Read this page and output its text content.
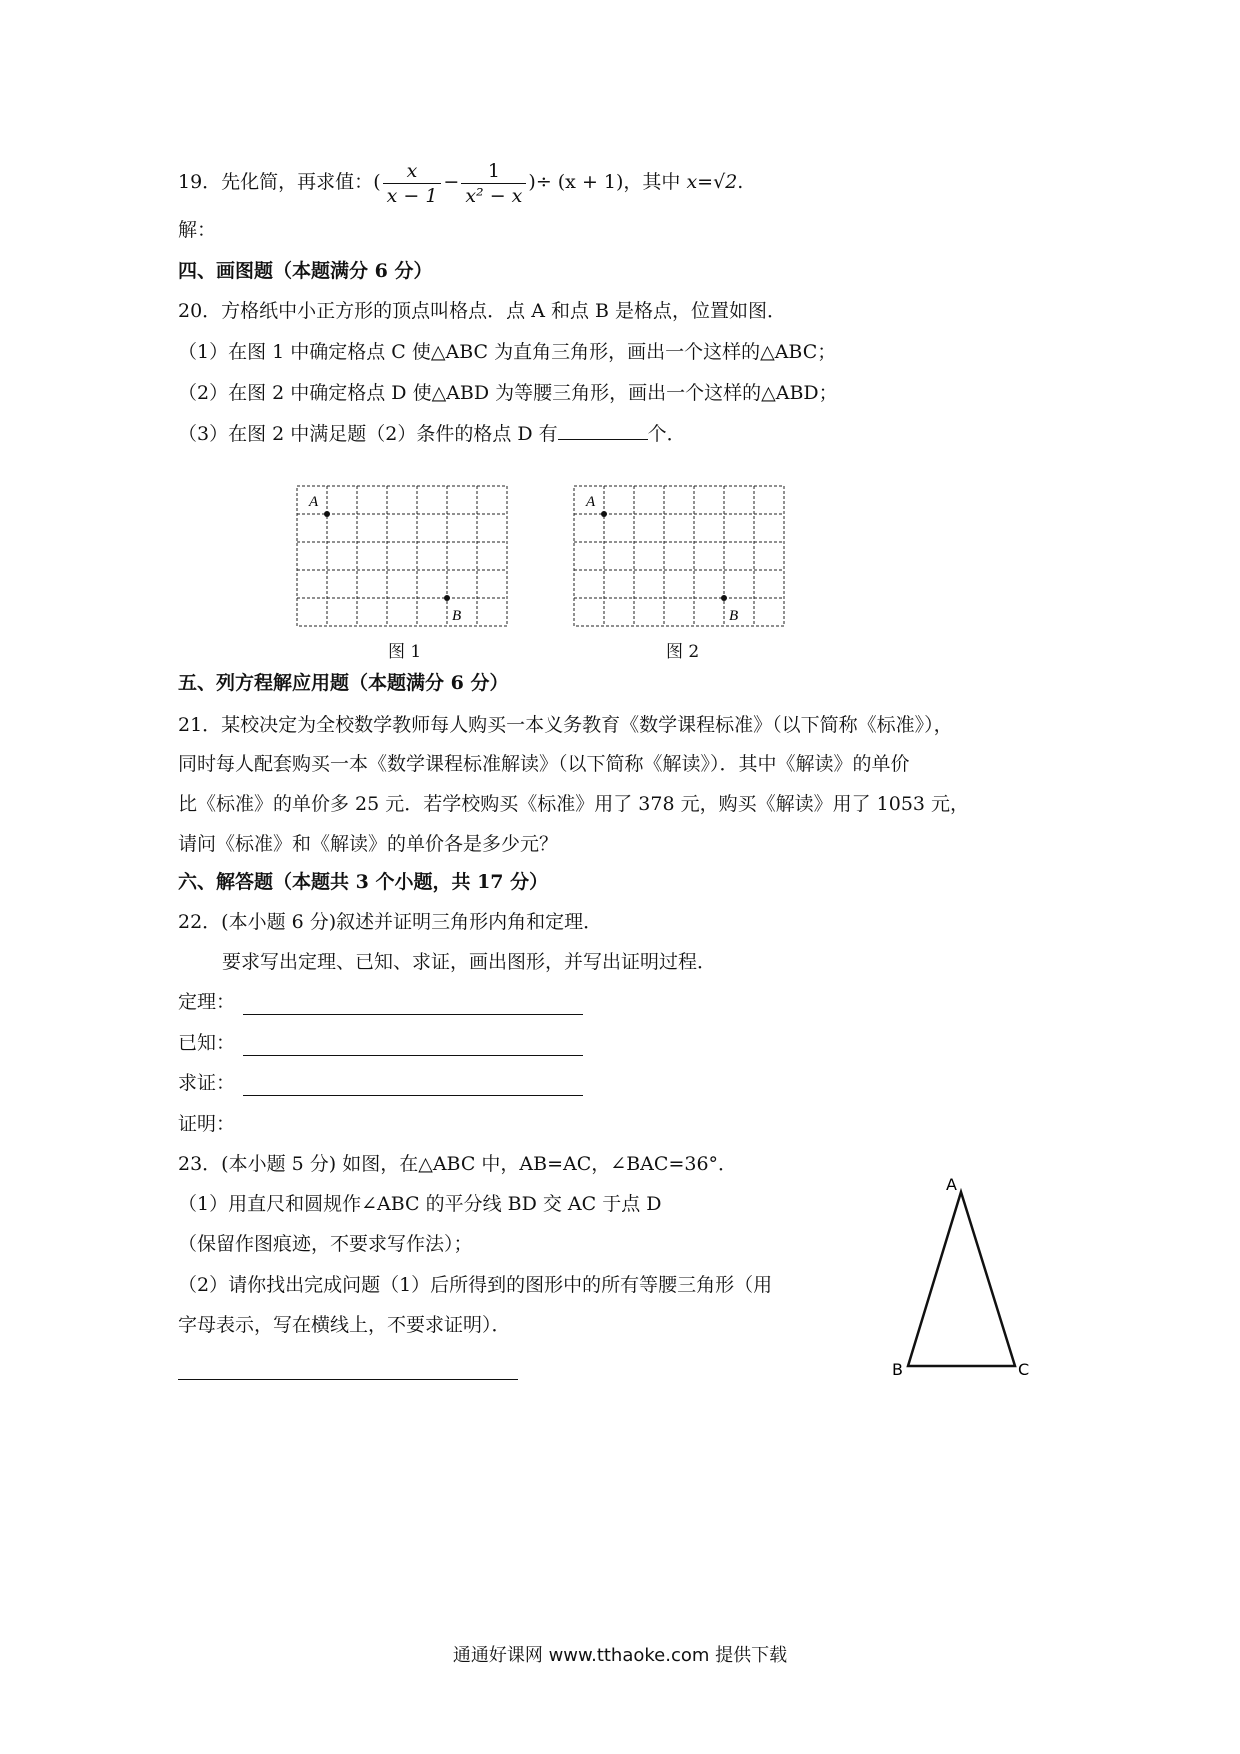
19．先化简，再求值：( $\frac{x}{x - 1} - \frac{1}{\text{x² − x}}$ )÷ (x + 1)，其中 x=√2.
解：
四、画图题（本题满分 6 分）
20．方格纸中小正方形的顶点叫格点．点 A 和点 B 是格点，位置如图．
（1）在图 1 中确定格点 C 使△ABC 为直角三角形，画出一个这样的△ABC；
（2）在图 2 中确定格点 D 使△ABD 为等腰三角形，画出一个这样的△ABD；
（3）在图 2 中满足题（2）条件的格点 D 有	个．
A
B
图 1
A
B
图 2
五、列方程解应用题（本题满分 6 分）
21．某校决定为全校数学教师每人购买一本义务教育《数学课程标准》（以下简称《标准》），
同时每人配套购买一本《数学课程标准解读》（以下简称《解读》）．其中《解读》的单价
比《标准》的单价多 25 元．若学校购买《标准》用了 378 元，购买《解读》用了 1053 元，
请问《标准》和《解读》的单价各是多少元？
六、解答题（本题共 3 个小题，共 17 分）
22．(本小题 6 分)叙述并证明三角形内角和定理．
要求写出定理、已知、求证，画出图形，并写出证明过程．
定理：
已知：
求证：
证明：
23．(本小题 5 分) 如图，在△ABC 中，AB=AC，∠BAC=36°．
（1）用直尺和圆规作∠ABC 的平分线 BD 交 AC 于点 D
（保留作图痕迹，不要求写作法）；
（2）请你找出完成问题（1）后所得到的图形中的所有等腰三角形（用
字母表示，写在横线上，不要求证明）．
A
B	C
通通好课网 www.tthaoke.com 提供下载
